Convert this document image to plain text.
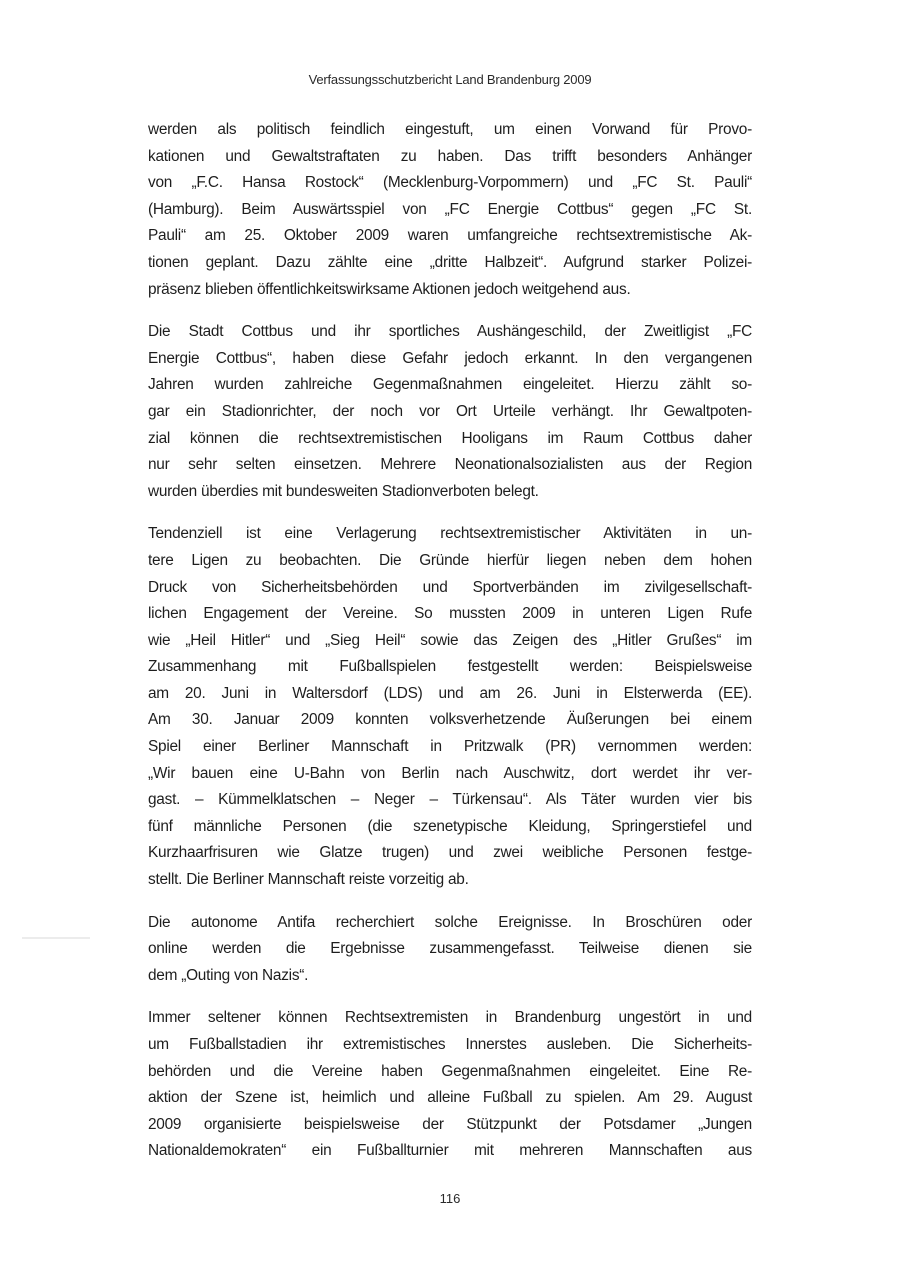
Verfassungsschutzbericht Land Brandenburg 2009
werden als politisch feindlich eingestuft, um einen Vorwand für Provo-
kationen und Gewaltstraftaten zu haben. Das trifft besonders Anhänger
von „F.C. Hansa Rostock“ (Mecklenburg-Vorpommern) und „FC St. Pauli“
(Hamburg). Beim Auswärtsspiel von „FC Energie Cottbus“ gegen „FC St.
Pauli“ am 25. Oktober 2009 waren umfangreiche rechtsextremistische Ak-
tionen geplant. Dazu zählte eine „dritte Halbzeit“. Aufgrund starker Polizei-
präsenz blieben öffentlichkeitswirksame Aktionen jedoch weitgehend aus.
Die Stadt Cottbus und ihr sportliches Aushängeschild, der Zweitligist „FC
Energie Cottbus“, haben diese Gefahr jedoch erkannt. In den vergangenen
Jahren wurden zahlreiche Gegenmaßnahmen eingeleitet. Hierzu zählt so-
gar ein Stadionrichter, der noch vor Ort Urteile verhängt. Ihr Gewaltpoten-
zial können die rechtsextremistischen Hooligans im Raum Cottbus daher
nur sehr selten einsetzen. Mehrere Neonationalsozialisten aus der Region
wurden überdies mit bundesweiten Stadionverboten belegt.
Tendenziell ist eine Verlagerung rechtsextremistischer Aktivitäten in un-
tere Ligen zu beobachten. Die Gründe hierfür liegen neben dem hohen
Druck von Sicherheitsbehörden und Sportverbänden im zivilgesellschaft-
lichen Engagement der Vereine. So mussten 2009 in unteren Ligen Rufe
wie „Heil Hitler“ und „Sieg Heil“ sowie das Zeigen des „Hitler Grußes“ im
Zusammenhang mit Fußballspielen festgestellt werden: Beispielsweise
am 20. Juni in Waltersdorf (LDS) und am 26. Juni in Elsterwerda (EE).
Am 30. Januar 2009 konnten volksverhetzende Äußerungen bei einem
Spiel einer Berliner Mannschaft in Pritzwalk (PR) vernommen werden:
„Wir bauen eine U-Bahn von Berlin nach Auschwitz, dort werdet ihr ver-
gast. – Kümmelklatschen – Neger – Türkensau“. Als Täter wurden vier bis
fünf männliche Personen (die szenetypische Kleidung, Springerstiefel und
Kurzhaarfrisuren wie Glatze trugen) und zwei weibliche Personen festge-
stellt. Die Berliner Mannschaft reiste vorzeitig ab.
Die autonome Antifa recherchiert solche Ereignisse. In Broschüren oder
online werden die Ergebnisse zusammengefasst. Teilweise dienen sie
dem „Outing von Nazis“.
Immer seltener können Rechtsextremisten in Brandenburg ungestört in und
um Fußballstadien ihr extremistisches Innerstes ausleben. Die Sicherheits-
behörden und die Vereine haben Gegenmaßnahmen eingeleitet. Eine Re-
aktion der Szene ist, heimlich und alleine Fußball zu spielen. Am 29. August
2009 organisierte beispielsweise der Stützpunkt der Potsdamer „Jungen
Nationaldemokraten“ ein Fußballturnier mit mehreren Mannschaften aus
116
